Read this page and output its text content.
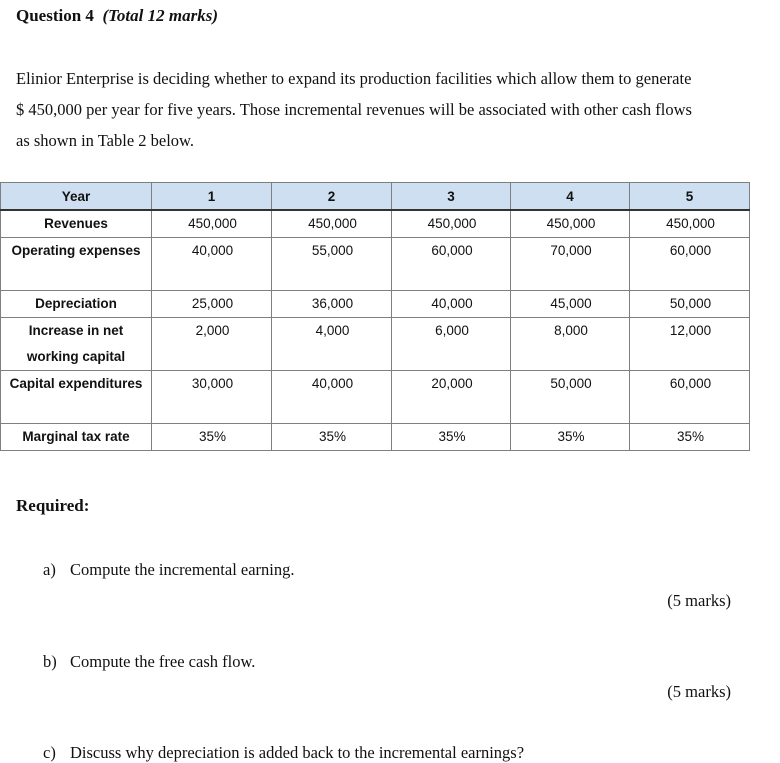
Question 4 (Total 12 marks)
Elinior Enterprise is deciding whether to expand its production facilities which allow them to generate
$ 450,000 per year for five years. Those incremental revenues will be associated with other cash flows
as shown in Table 2 below.
Year	1	2	3	4	5
Revenues	450,000	450,000	450,000	450,000	450,000
Operating expenses	40,000	55,000	60,000	70,000	60,000
Depreciation	25,000	36,000	40,000	45,000	50,000
Increase in net working capital	2,000	4,000	6,000	8,000	12,000
Capital expenditures	30,000	40,000	20,000	50,000	60,000
Marginal tax rate	35%	35%	35%	35%	35%
Required:
a) Compute the incremental earning.
(5 marks)
b) Compute the free cash flow.
(5 marks)
c) Discuss why depreciation is added back to the incremental earnings?
